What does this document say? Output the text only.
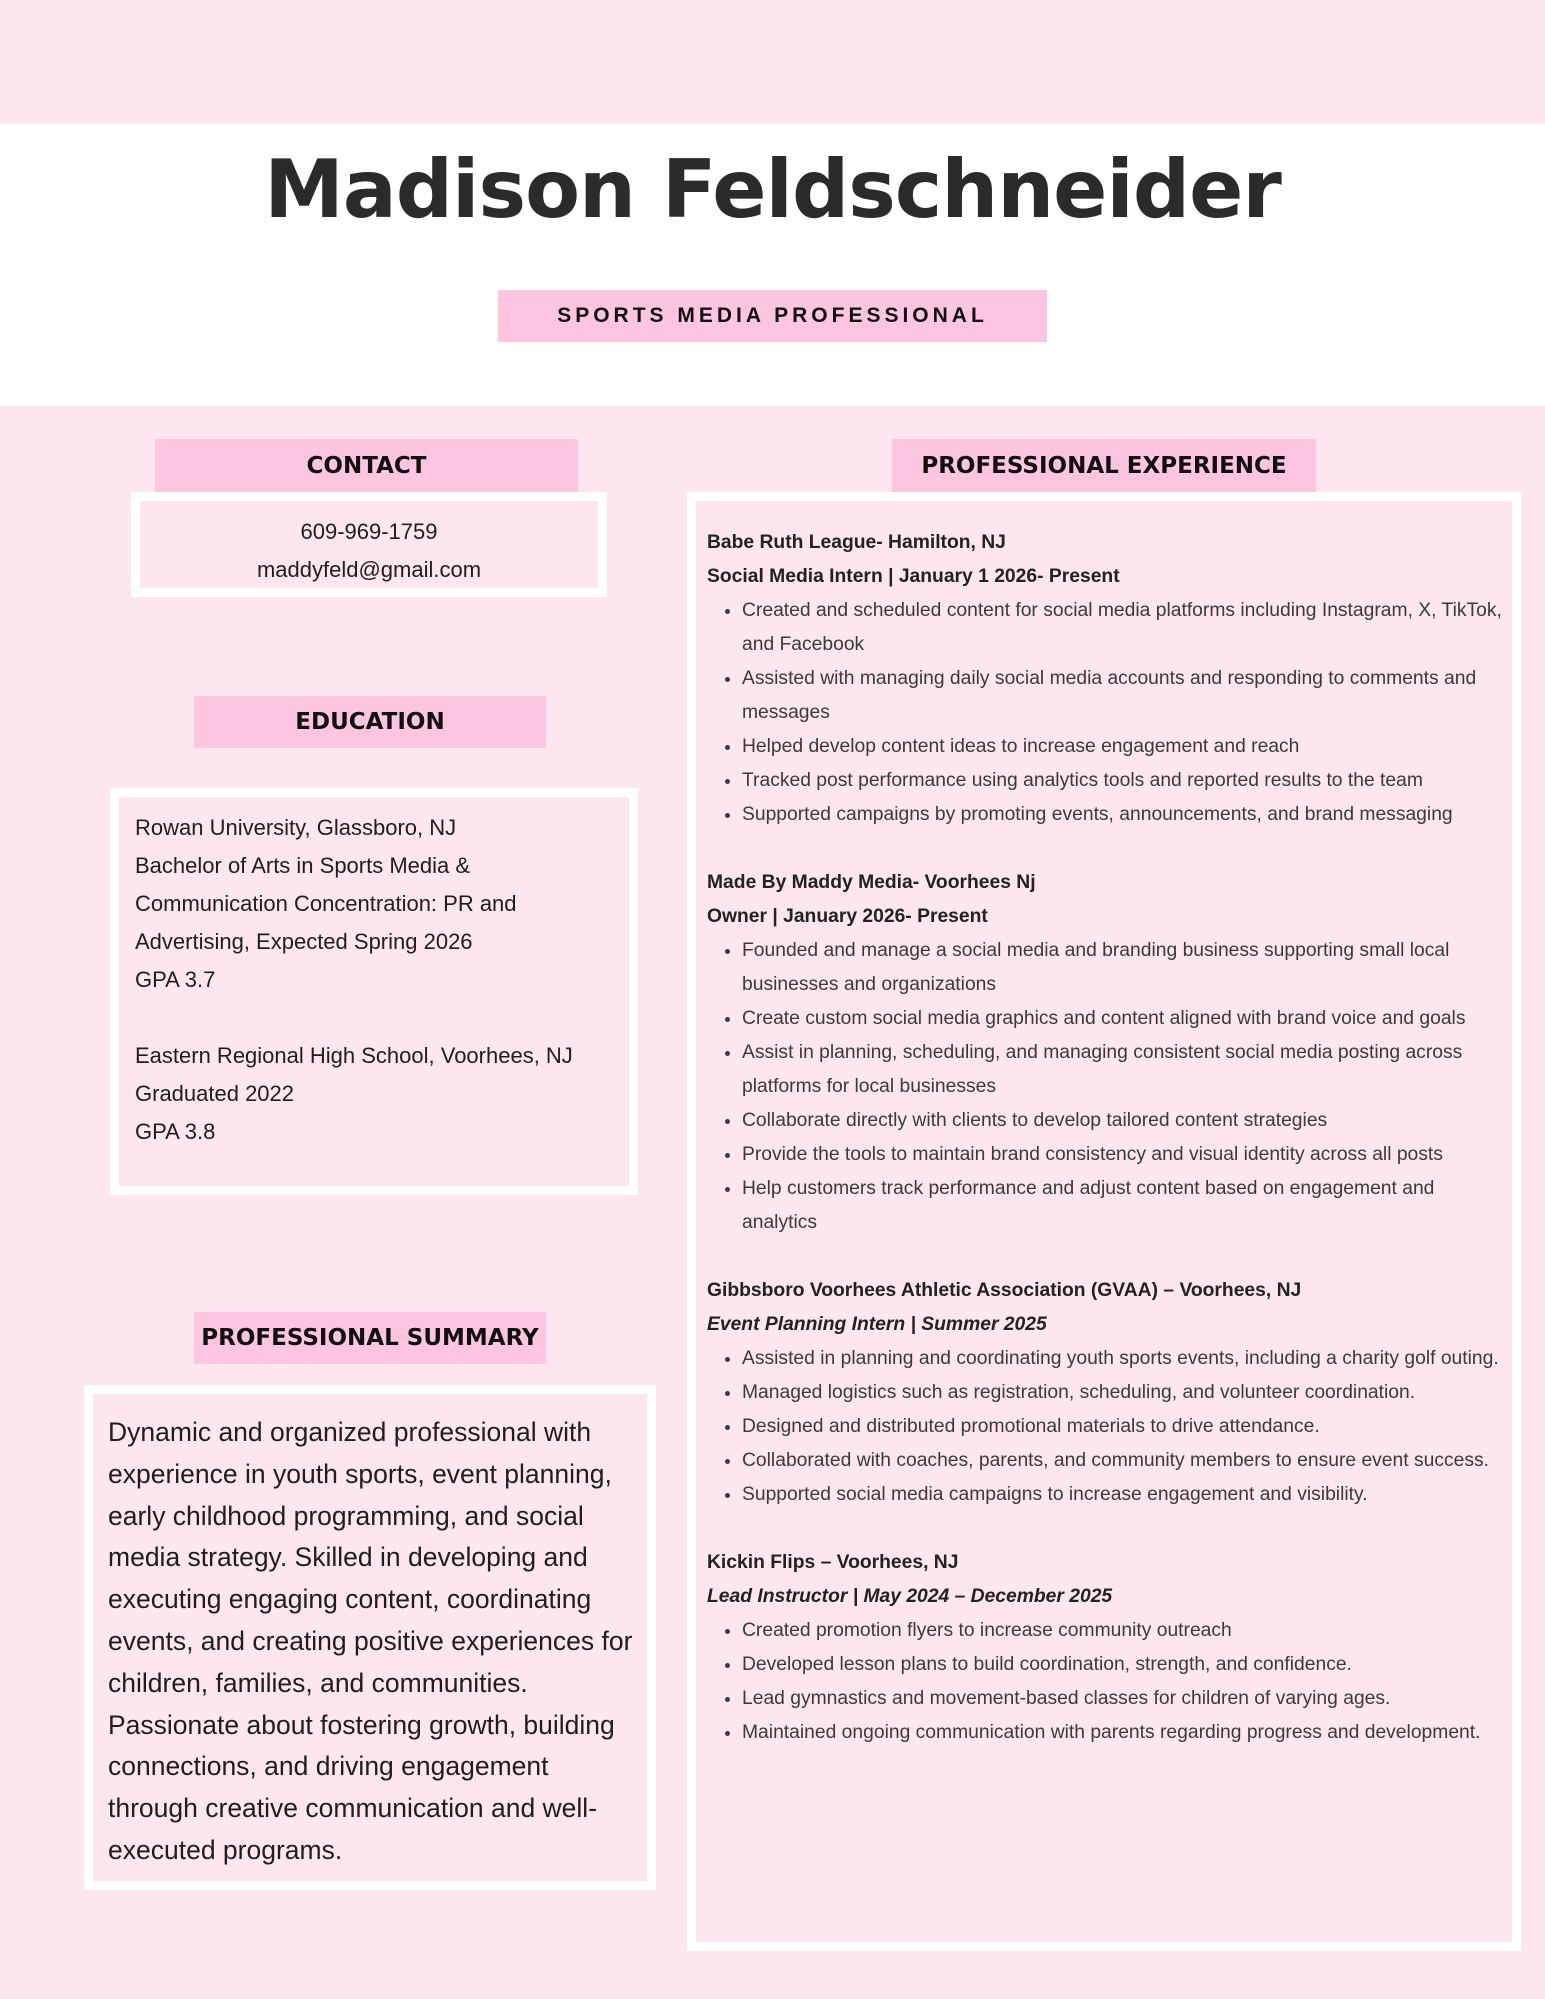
Madison Feldschneider
SPORTS MEDIA PROFESSIONAL
CONTACT
609-969-1759
maddyfeld@gmail.com
EDUCATION
Rowan University, Glassboro, NJ
Bachelor of Arts in Sports Media &
Communication Concentration: PR and
Advertising, Expected Spring 2026
GPA 3.7
Eastern Regional High School, Voorhees, NJ
Graduated 2022
GPA 3.8
PROFESSIONAL SUMMARY
Dynamic and organized professional with experience in youth sports, event planning, early childhood programming, and social media strategy. Skilled in developing and executing engaging content, coordinating events, and creating positive experiences for children, families, and communities. Passionate about fostering growth, building connections, and driving engagement through creative communication and well-executed programs.
PROFESSIONAL EXPERIENCE
Babe Ruth League- Hamilton, NJ
Social Media Intern | January 1 2026- Present
• Created and scheduled content for social media platforms including Instagram, X, TikTok, and Facebook
• Assisted with managing daily social media accounts and responding to comments and messages
• Helped develop content ideas to increase engagement and reach
• Tracked post performance using analytics tools and reported results to the team
• Supported campaigns by promoting events, announcements, and brand messaging
Made By Maddy Media- Voorhees Nj
Owner | January 2026- Present
• Founded and manage a social media and branding business supporting small local businesses and organizations
• Create custom social media graphics and content aligned with brand voice and goals
• Assist in planning, scheduling, and managing consistent social media posting across platforms for local businesses
• Collaborate directly with clients to develop tailored content strategies
• Provide the tools to maintain brand consistency and visual identity across all posts
• Help customers track performance and adjust content based on engagement and analytics
Gibbsboro Voorhees Athletic Association (GVAA) – Voorhees, NJ
Event Planning Intern | Summer 2025
• Assisted in planning and coordinating youth sports events, including a charity golf outing.
• Managed logistics such as registration, scheduling, and volunteer coordination.
• Designed and distributed promotional materials to drive attendance.
• Collaborated with coaches, parents, and community members to ensure event success.
• Supported social media campaigns to increase engagement and visibility.
Kickin Flips – Voorhees, NJ
Lead Instructor | May 2024 – December 2025
• Created promotion flyers to increase community outreach
• Developed lesson plans to build coordination, strength, and confidence.
• Lead gymnastics and movement-based classes for children of varying ages.
• Maintained ongoing communication with parents regarding progress and development.
